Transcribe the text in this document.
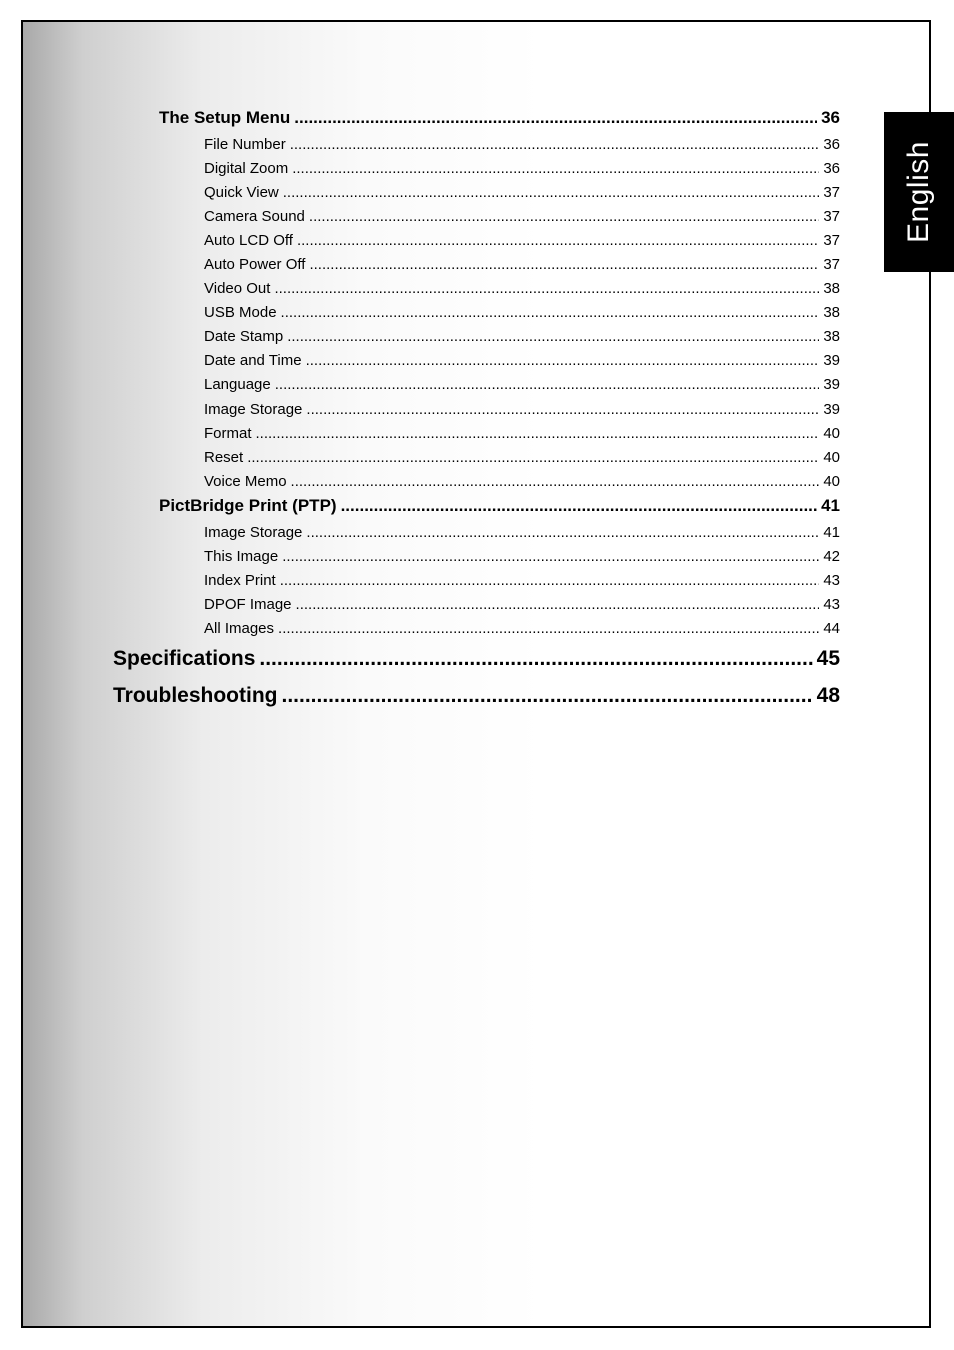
English
The Setup Menu .....	36
File Number .....	36
Digital Zoom .....	36
Quick View .....	37
Camera Sound .....	37
Auto LCD Off .....	37
Auto Power Off .....	37
Video Out .....	38
USB Mode .....	38
Date Stamp .....	38
Date and Time .....	39
Language .....	39
Image Storage .....	39
Format .....	40
Reset .....	40
Voice Memo .....	40
PictBridge Print (PTP) .....	41
Image Storage .....	41
This Image .....	42
Index Print .....	43
DPOF Image .....	43
All Images .....	44
Specifications .....	45
Troubleshooting .....	48
